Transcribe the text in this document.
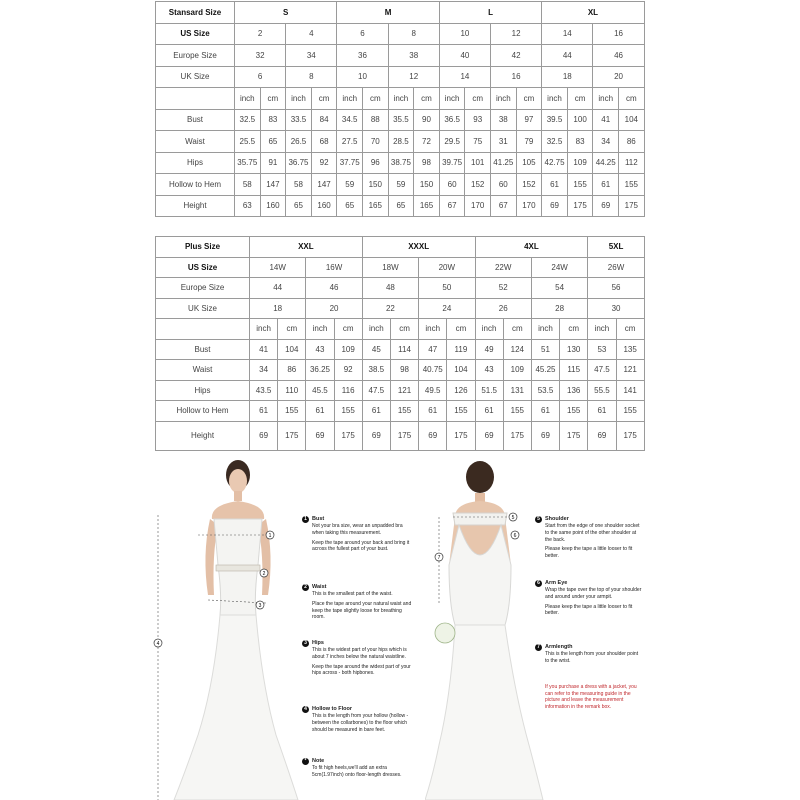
Stansard Size	S				M				L				XL			
US Size	2		4		6		8		10		12		14		16	
Europe Size	32		34		36		38		40		42		44		46	
UK Size	6		8		10		12		14		16		18		20	
	inch	cm	inch	cm	inch	cm	inch	cm	inch	cm	inch	cm	inch	cm	inch	cm
Bust	32.5	83	33.5	84	34.5	88	35.5	90	36.5	93	38	97	39.5	100	41	104
Waist	25.5	65	26.5	68	27.5	70	28.5	72	29.5	75	31	79	32.5	83	34	86
Hips	35.75	91	36.75	92	37.75	96	38.75	98	39.75	101	41.25	105	42.75	109	44.25	112
Hollow to Hem	58	147	58	147	59	150	59	150	60	152	60	152	61	155	61	155
Height	63	160	65	160	65	165	65	165	67	170	67	170	69	175	69	175
Plus Size	XXL				XXXL				4XL				5XL	
US Size	14W		16W		18W		20W		22W		24W		26W	
Europe Size	44		46		48		50		52		54		56	
UK Size	18		20		22		24		26		28		30	
	inch	cm	inch	cm	inch	cm	inch	cm	inch	cm	inch	cm	inch	cm
Bust	41	104	43	109	45	114	47	119	49	124	51	130	53	135
Waist	34	86	36.25	92	38.5	98	40.75	104	43	109	45.25	115	47.5	121
Hips	43.5	110	45.5	116	47.5	121	49.5	126	51.5	131	53.5	136	55.5	141
Hollow to Hem	61	155	61	155	61	155	61	155	61	155	61	155	61	155
Height	69	175	69	175	69	175	69	175	69	175	69	175	69	175
1
2
3
4
5
6
7
1 Bust

Not your bra size, wear an unpadded bra when taking this measurement.

Keep the tape around your back and bring it across the fullest part of your bust.

2 Waist

This is the smallest part of the waist.

Place the tape around your natural waist and keep the tape slightly loose for breathing room.

3 Hips

This is the widest part of your hips which is about 7 inches below the natural waistline.

Keep the tape around the widest part of your hips across - both hipbones.

4 Hollow to Floor

This is the length from your hollow (hollow - between the collarbones) to the floor which should be measured in bare feet.

* Note

To fit high heels,we'll add an extra 5cm(1.97inch) onto floor-length dresses.

5 Shoulder

Start from the edge of one shoulder socket to the same point of the other shoulder at the back.

Please keep the tape a little looser to fit better.

6 Arm Eye

Wrap the tape over the top of your shoulder and around under your armpit.

Please keep the tape a little looser to fit better.

7 Armlength

This is the length from your shoulder point to the wrist.

If you purchase a dress with a jacket, you can refer to the measuring guide in the picture and leave the measurement information in the remark box.
